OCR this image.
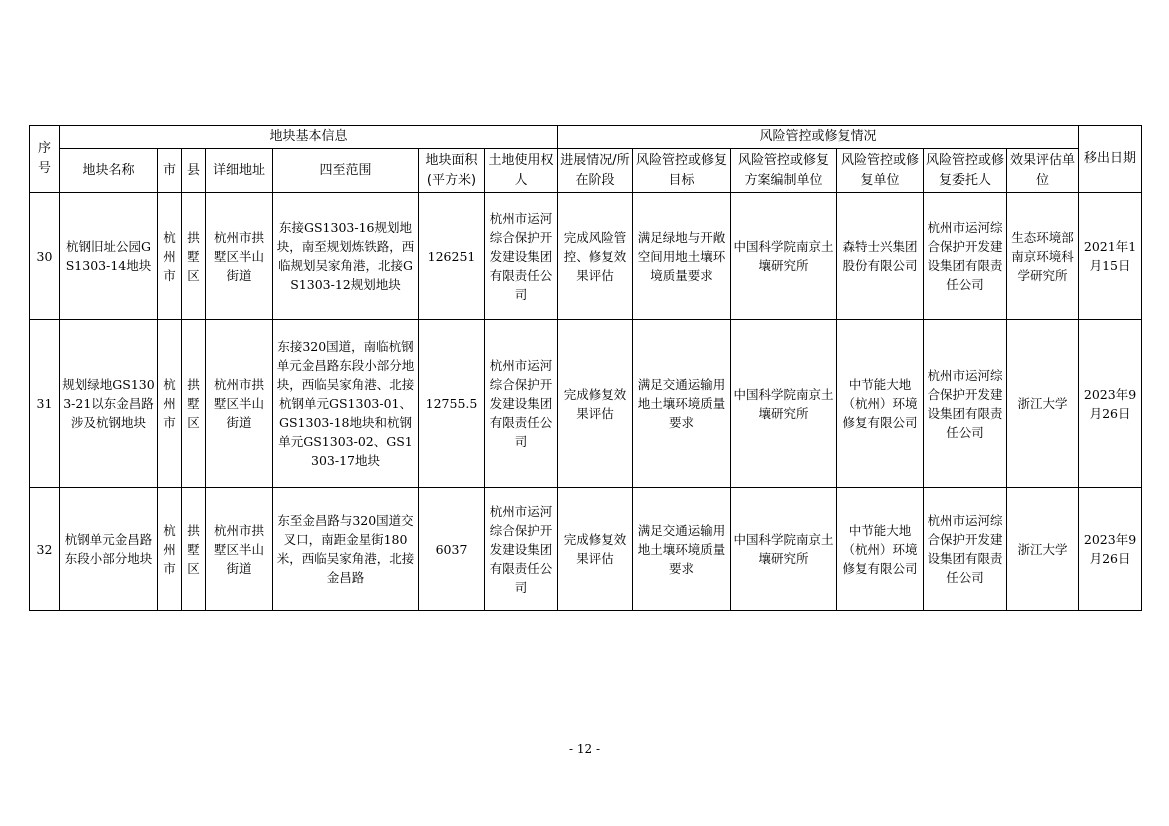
序号	地块基本信息							风险管控或修复情况						移出日期
	地块名称	市	县	详细地址	四至范围	地块面积(平方米)	土地使用权人	进展情况/所在阶段	风险管控或修复目标	风险管控或修复方案编制单位	风险管控或修复单位	风险管控或修复委托人	效果评估单位	
30	杭钢旧址公园GS1303-14地块	杭州市	拱墅区	杭州市拱墅区半山街道	东接GS1303-16规划地块，南至规划炼铁路，西临规划吴家角港，北接GS1303-12规划地块	126251	杭州市运河综合保护开发建设集团有限责任公司	完成风险管控、修复效果评估	满足绿地与开敞空间用地土壤环境质量要求	中国科学院南京土壤研究所	森特士兴集团股份有限公司	杭州市运河综合保护开发建设集团有限责任公司	生态环境部南京环境科学研究所	2021年1月15日
31	规划绿地GS1303-21以东金昌路涉及杭钢地块	杭州市	拱墅区	杭州市拱墅区半山街道	东接320国道，南临杭钢单元金昌路东段小部分地块，西临吴家角港、北接杭钢单元GS1303-01、GS1303-18地块和杭钢单元GS1303-02、GS1303-17地块	12755.5	杭州市运河综合保护开发建设集团有限责任公司	完成修复效果评估	满足交通运输用地土壤环境质量要求	中国科学院南京土壤研究所	中节能大地（杭州）环境修复有限公司	杭州市运河综合保护开发建设集团有限责任公司	浙江大学	2023年9月26日
32	杭钢单元金昌路东段小部分地块	杭州市	拱墅区	杭州市拱墅区半山街道	东至金昌路与320国道交叉口，南距金星街180米，西临吴家角港，北接金昌路	6037	杭州市运河综合保护开发建设集团有限责任公司	完成修复效果评估	满足交通运输用地土壤环境质量要求	中国科学院南京土壤研究所	中节能大地（杭州）环境修复有限公司	杭州市运河综合保护开发建设集团有限责任公司	浙江大学	2023年9月26日
- 12 -
